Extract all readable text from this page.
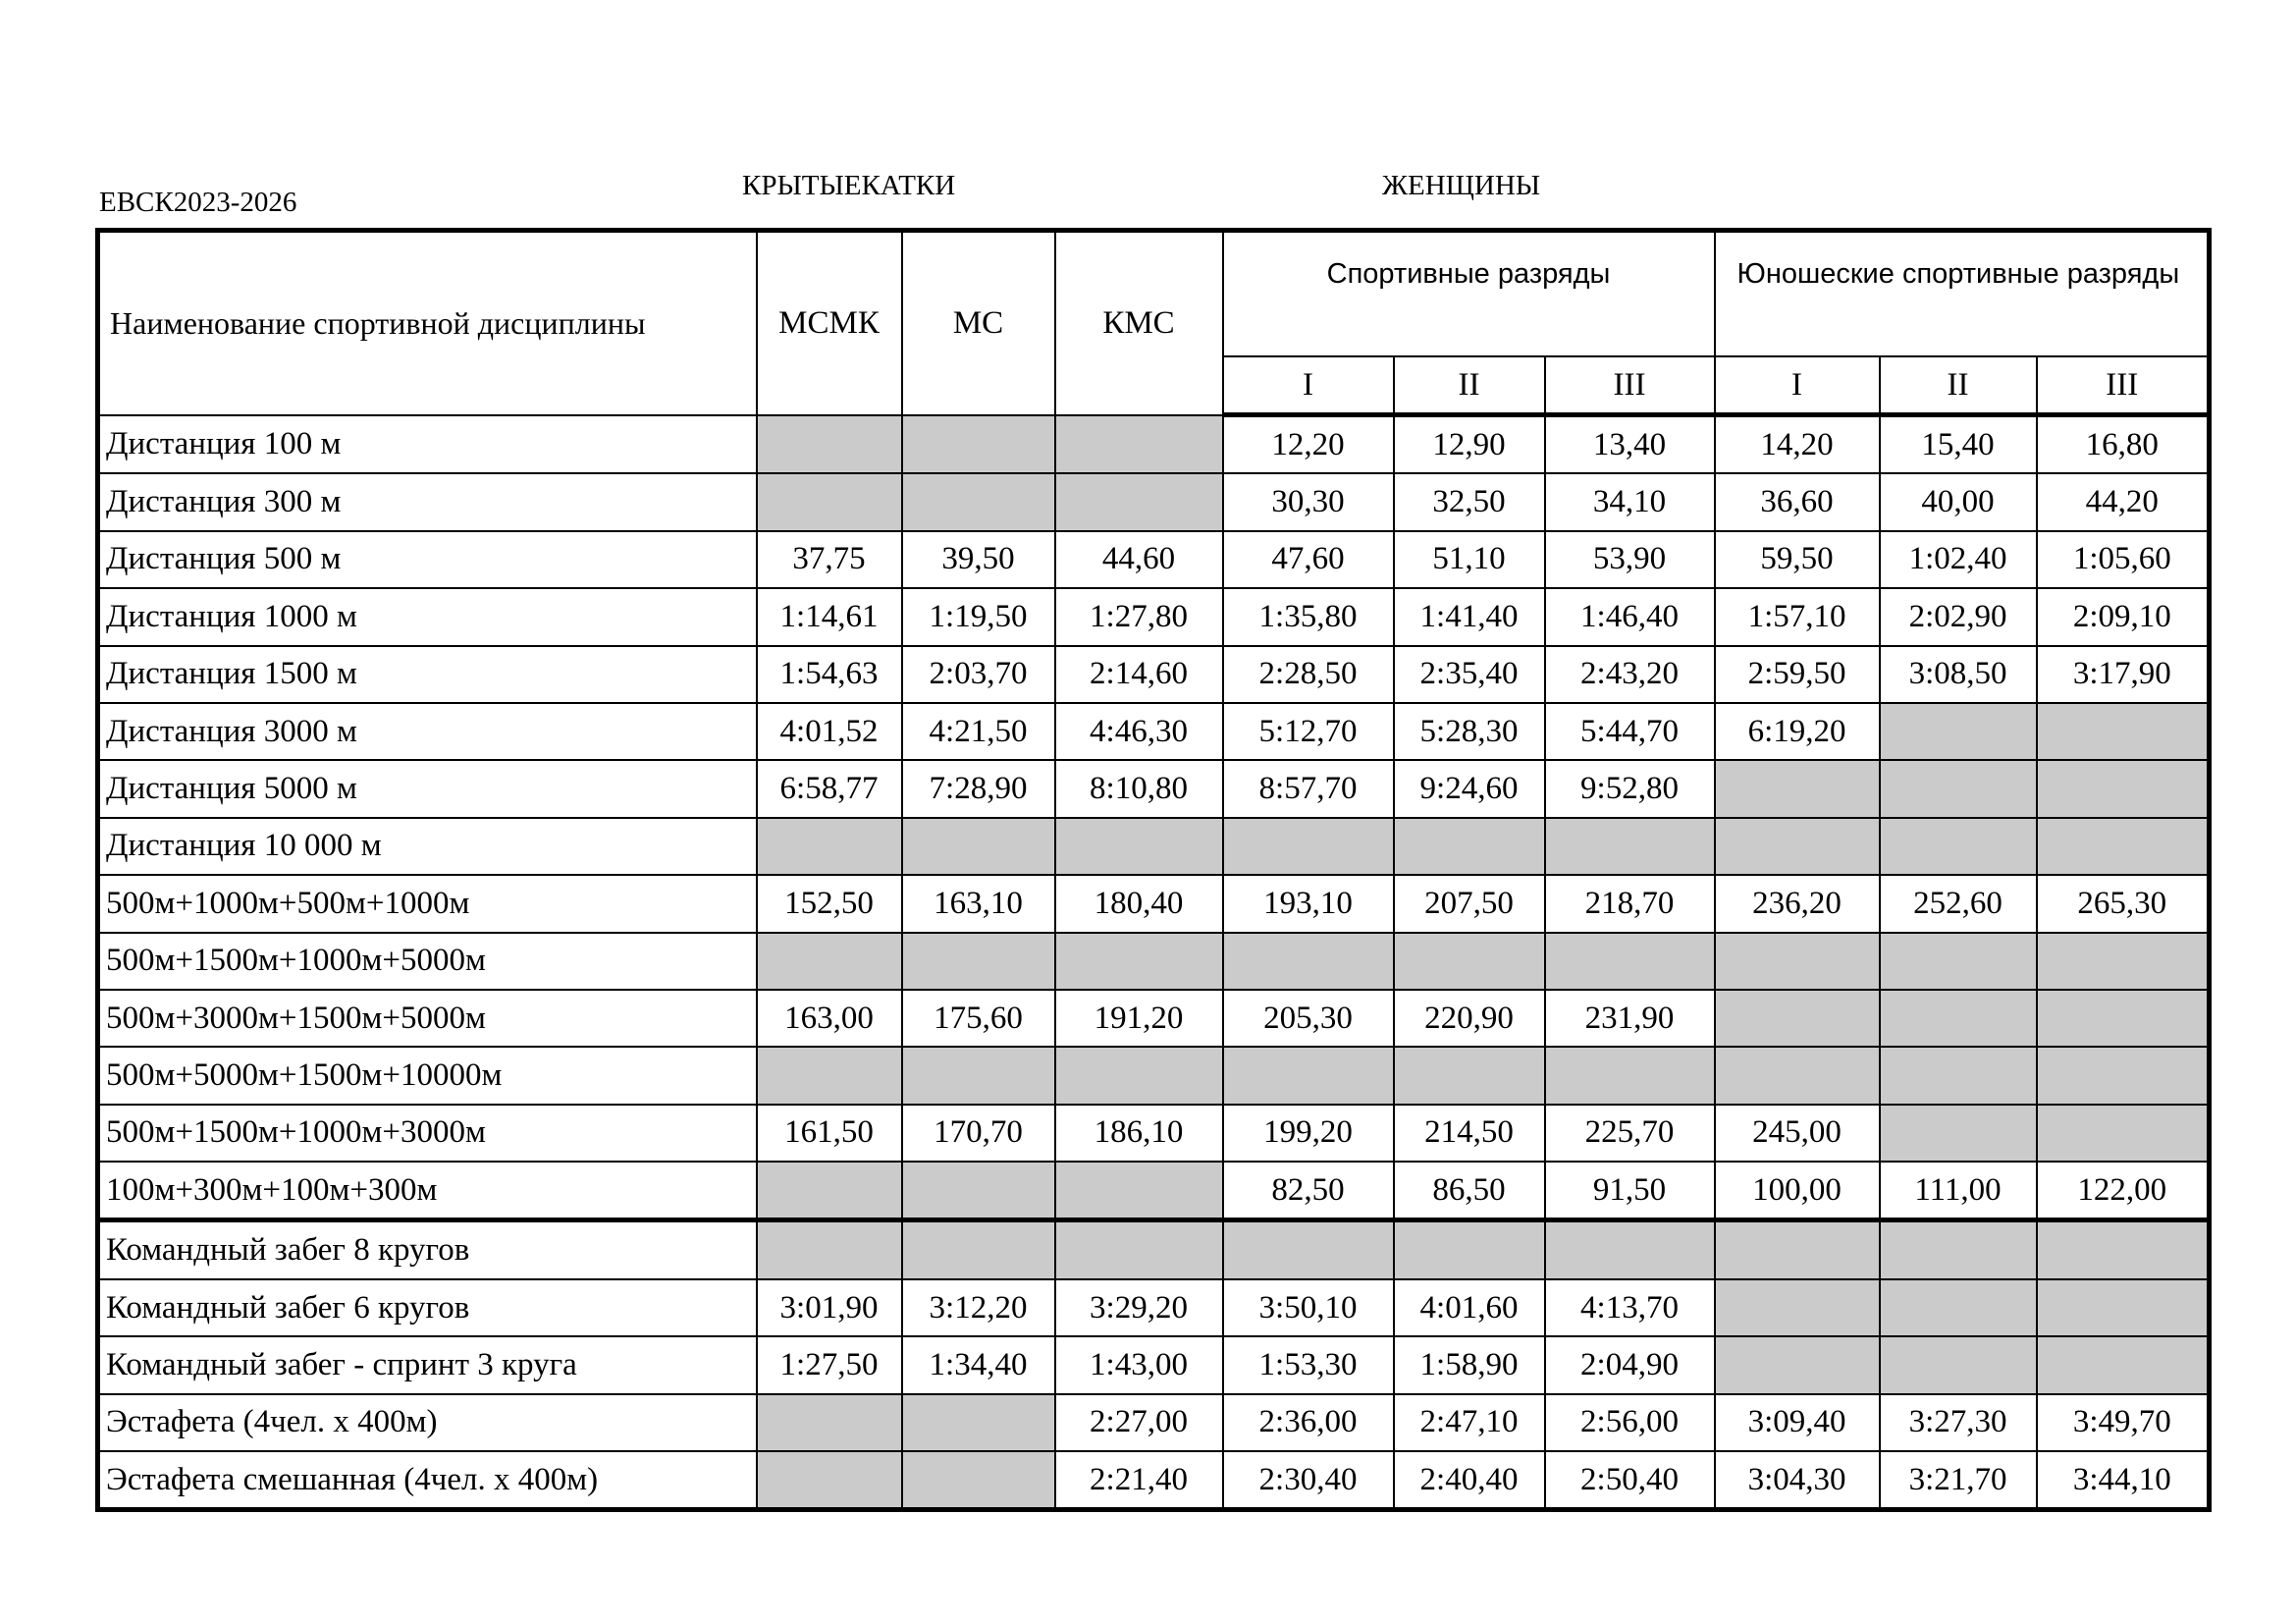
ЕВСК2023-2026
КРЫТЫЕКАТКИ	ЖЕНЩИНЫ
Наименование спортивной дисциплины	МСМК	МС	КМС	Спортивные разряды			Юношеские спортивные разряды		
				I	II	III	I	II	III
Дистанция 100 м				12,20	12,90	13,40	14,20	15,40	16,80
Дистанция 300 м				30,30	32,50	34,10	36,60	40,00	44,20
Дистанция 500 м	37,75	39,50	44,60	47,60	51,10	53,90	59,50	1:02,40	1:05,60
Дистанция 1000 м	1:14,61	1:19,50	1:27,80	1:35,80	1:41,40	1:46,40	1:57,10	2:02,90	2:09,10
Дистанция 1500 м	1:54,63	2:03,70	2:14,60	2:28,50	2:35,40	2:43,20	2:59,50	3:08,50	3:17,90
Дистанция 3000 м	4:01,52	4:21,50	4:46,30	5:12,70	5:28,30	5:44,70	6:19,20		
Дистанция 5000 м	6:58,77	7:28,90	8:10,80	8:57,70	9:24,60	9:52,80			
Дистанция 10 000 м									
500м+1000м+500м+1000м	152,50	163,10	180,40	193,10	207,50	218,70	236,20	252,60	265,30
500м+1500м+1000м+5000м									
500м+3000м+1500м+5000м	163,00	175,60	191,20	205,30	220,90	231,90			
500м+5000м+1500м+10000м									
500м+1500м+1000м+3000м	161,50	170,70	186,10	199,20	214,50	225,70	245,00		
100м+300м+100м+300м				82,50	86,50	91,50	100,00	111,00	122,00
Командный забег 8 кругов									
Командный забег 6 кругов	3:01,90	3:12,20	3:29,20	3:50,10	4:01,60	4:13,70			
Командный забег - спринт 3 круга	1:27,50	1:34,40	1:43,00	1:53,30	1:58,90	2:04,90			
Эстафета (4чел. х 400м)			2:27,00	2:36,00	2:47,10	2:56,00	3:09,40	3:27,30	3:49,70
Эстафета смешанная (4чел. х 400м)			2:21,40	2:30,40	2:40,40	2:50,40	3:04,30	3:21,70	3:44,10
